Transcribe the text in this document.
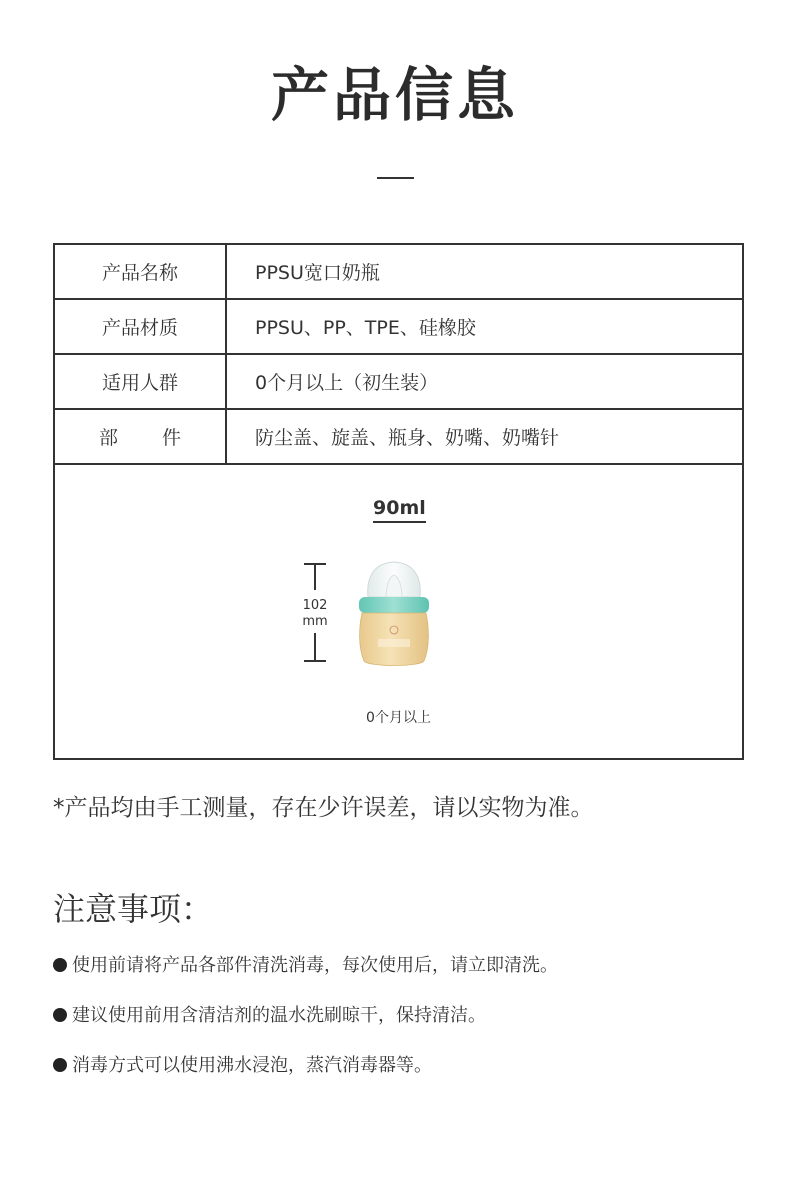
产品信息
产品名称	PPSU宽口奶瓶
产品材质	PPSU、PP、TPE、硅橡胶
适用人群	0个月以上（初生装）
部件	防尘盖、旋盖、瓶身、奶嘴、奶嘴针
90ml
102
mm
0个月以上
*产品均由手工测量，存在少许误差，请以实物为准。
注意事项：
使用前请将产品各部件清洗消毒，每次使用后，请立即清洗。
建议使用前用含清洁剂的温水洗刷晾干，保持清洁。
消毒方式可以使用沸水浸泡，蒸汽消毒器等。
